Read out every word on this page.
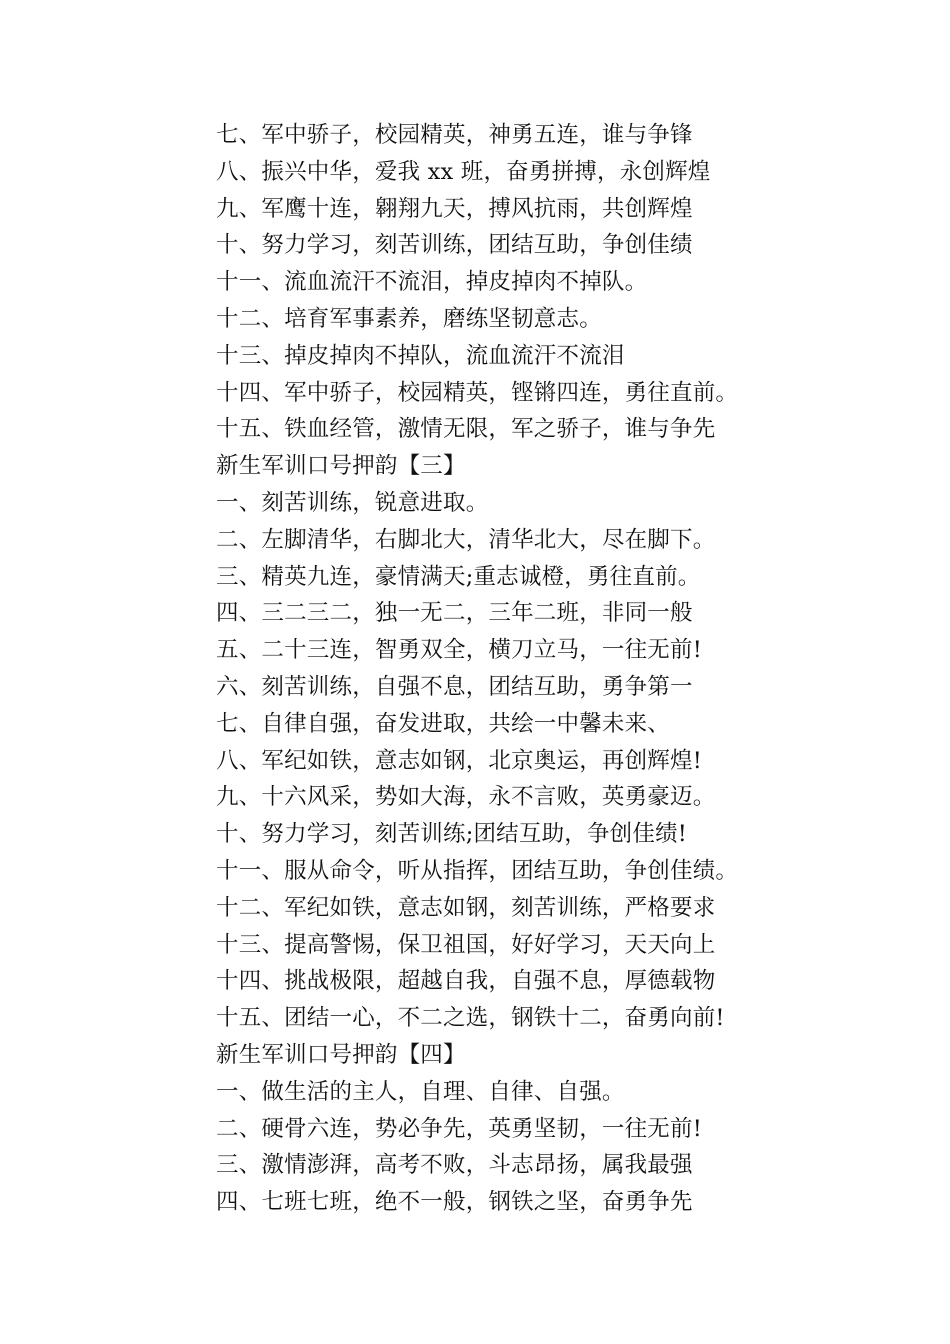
七、军中骄子，校园精英，神勇五连，谁与争锋
八、振兴中华，爱我 xx 班，奋勇拼搏，永创辉煌
九、军鹰十连，翱翔九天，搏风抗雨，共创辉煌
十、努力学习，刻苦训练，团结互助，争创佳绩
十一、流血流汗不流泪，掉皮掉肉不掉队。
十二、培育军事素养，磨练坚韧意志。
十三、掉皮掉肉不掉队，流血流汗不流泪
十四、军中骄子，校园精英，铿锵四连，勇往直前。
十五、铁血经管，激情无限，军之骄子，谁与争先
新生军训口号押韵【三】
一、刻苦训练，锐意进取。
二、左脚清华，右脚北大，清华北大，尽在脚下。
三、精英九连，豪情满天;重志诚橙，勇往直前。
四、三二三二，独一无二，三年二班，非同一般
五、二十三连，智勇双全，横刀立马，一往无前!
六、刻苦训练，自强不息，团结互助，勇争第一
七、自律自强，奋发进取，共绘一中馨未来、
八、军纪如铁，意志如钢，北京奥运，再创辉煌!
九、十六风采，势如大海，永不言败，英勇豪迈。
十、努力学习，刻苦训练;团结互助，争创佳绩!
十一、服从命令，听从指挥，团结互助，争创佳绩。
十二、军纪如铁，意志如钢，刻苦训练，严格要求
十三、提高警惕，保卫祖国，好好学习，天天向上
十四、挑战极限，超越自我，自强不息，厚德载物
十五、团结一心，不二之选，钢铁十二，奋勇向前!
新生军训口号押韵【四】
一、做生活的主人，自理、自律、自强。
二、硬骨六连，势必争先，英勇坚韧，一往无前!
三、激情澎湃，高考不败，斗志昂扬，属我最强
四、七班七班，绝不一般，钢铁之坚，奋勇争先
